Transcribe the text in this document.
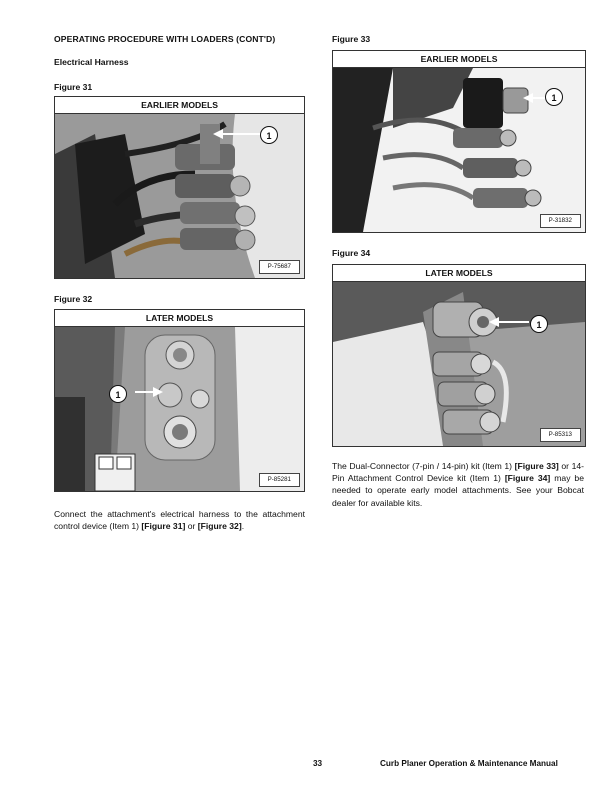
OPERATING PROCEDURE WITH LOADERS (CONT'D)
Electrical Harness
Figure 31
EARLIER MODELS
1
P-75687
Figure 32
LATER MODELS
1
P-85281
Connect the attachment's electrical harness to the attachment control device (Item 1) [Figure 31] or [Figure 32].
Figure 33
EARLIER MODELS
1
P-31832
Figure 34
LATER MODELS
1
P-85313
The Dual-Connector (7-pin / 14-pin) kit (Item 1) [Figure 33] or 14-Pin Attachment Control Device kit (Item 1) [Figure 34] may be needed to operate early model attachments. See your Bobcat dealer for available kits.
33	Curb Planer Operation & Maintenance Manual
